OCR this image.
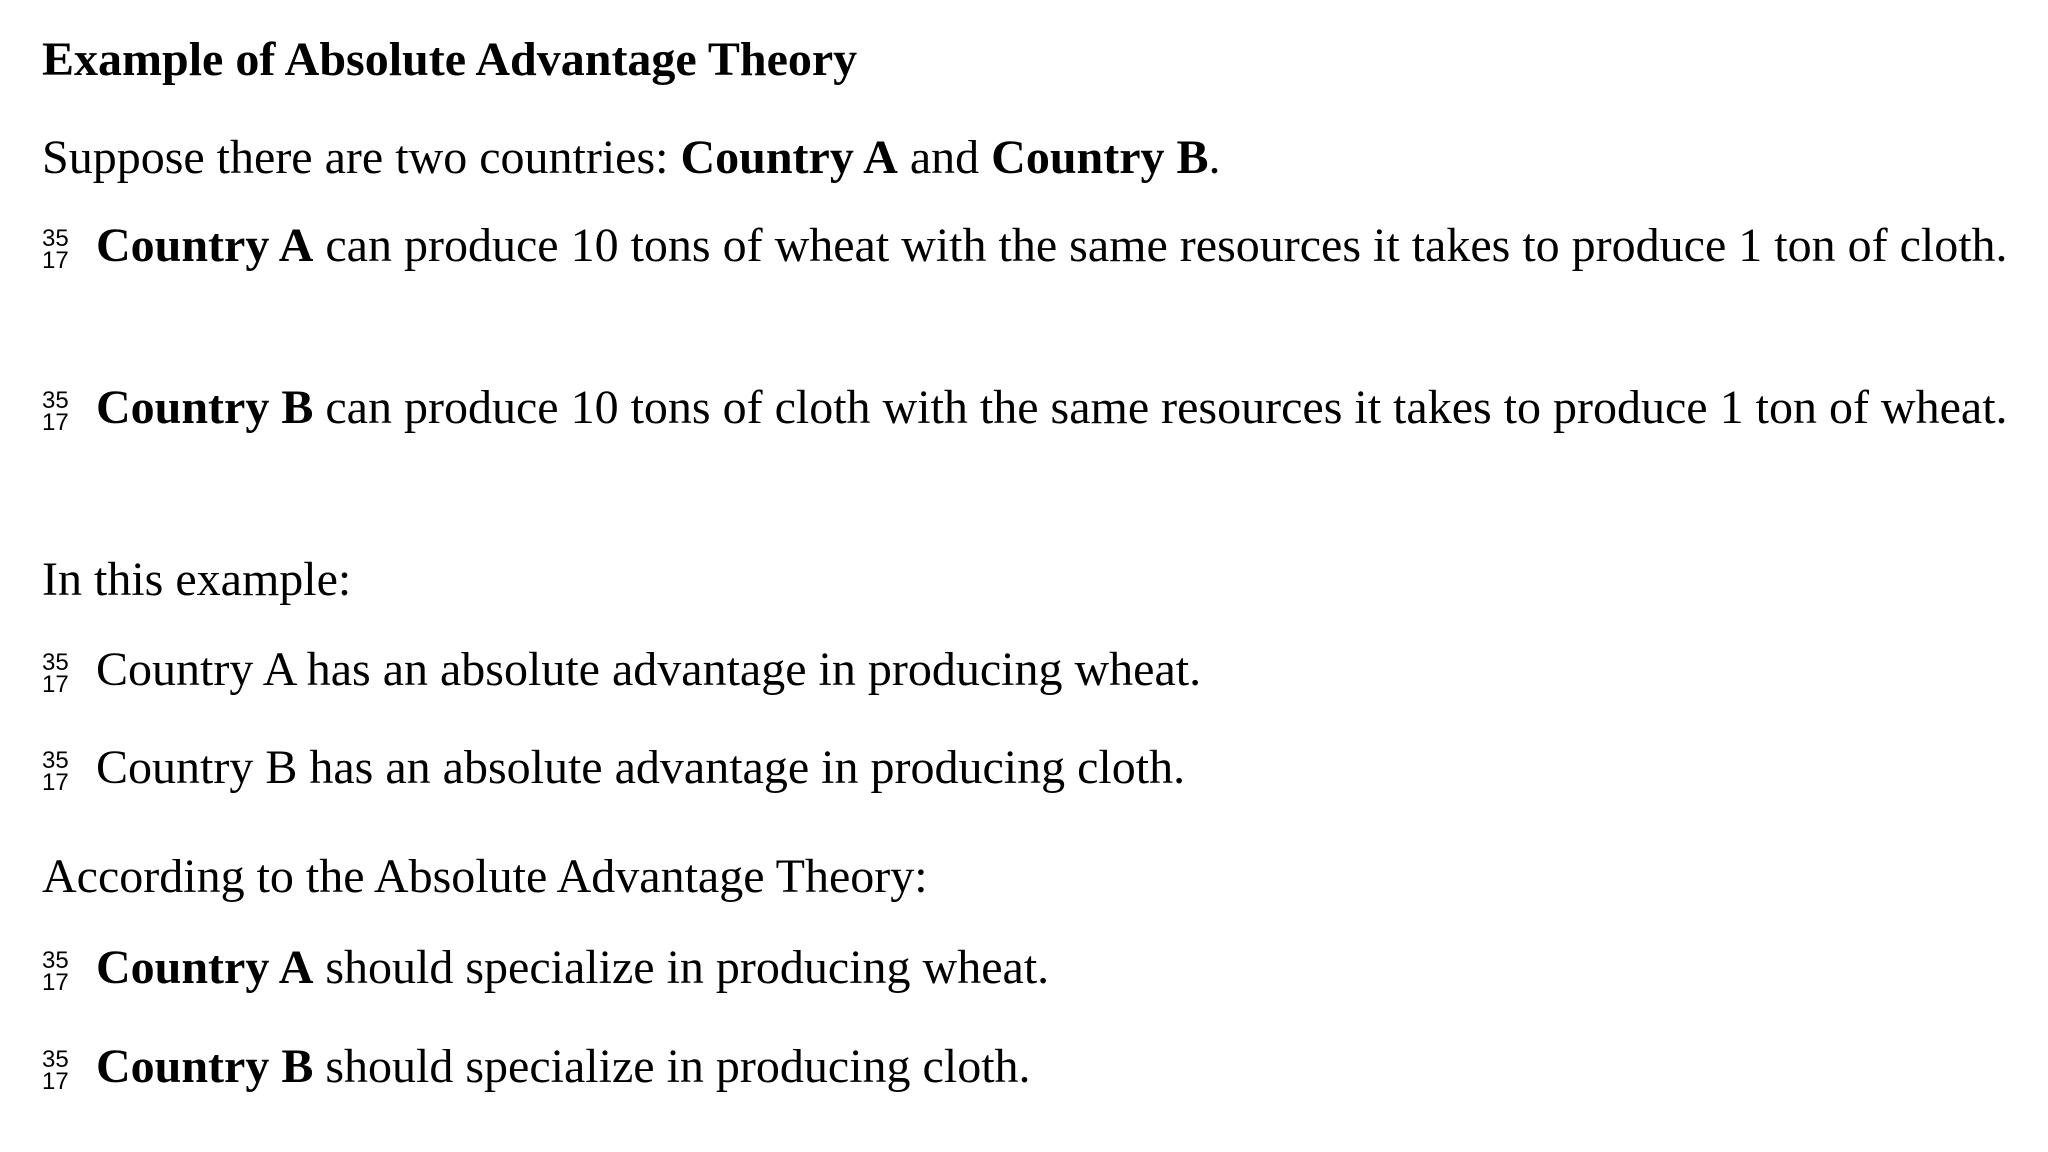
Example of Absolute Advantage Theory
Suppose there are two countries: Country A and Country B.
35
17 Country A can produce 10 tons of wheat with the same resources it takes to produce 1 ton of cloth.
35
17 Country B can produce 10 tons of cloth with the same resources it takes to produce 1 ton of wheat.
In this example:
35
17 Country A has an absolute advantage in producing wheat.
35
17 Country B has an absolute advantage in producing cloth.
According to the Absolute Advantage Theory:
35
17 Country A should specialize in producing wheat.
35
17 Country B should specialize in producing cloth.
